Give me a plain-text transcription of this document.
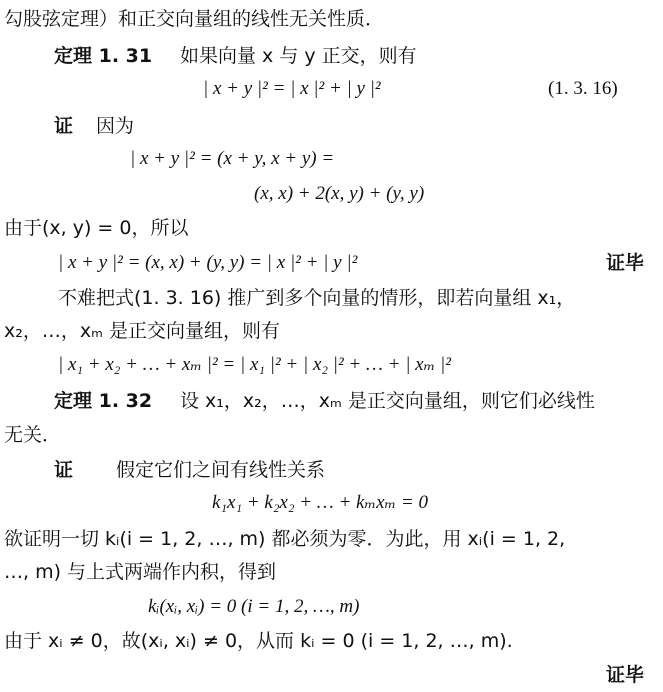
勾股弦定理）和正交向量组的线性无关性质．
定理 1. 31 如果向量 x 与 y 正交，则有
| x + y |² = | x |² + | y |²	(1. 3. 16)
证 因为
| x + y |² = (x + y, x + y) =
(x, x) + 2(x, y) + (y, y)
由于(x, y) = 0，所以
| x + y |² = (x, x) + (y, y) = | x |² + | y |²	证毕
不难把式(1. 3. 16) 推广到多个向量的情形，即若向量组 x₁，
x₂，…，xₘ 是正交向量组，则有
| x₁ + x₂ + … + xₘ |² = | x₁ |² + | x₂ |² + … + | xₘ |²
定理 1. 32 设 x₁，x₂，…，xₘ 是正交向量组，则它们必线性
无关．
证 假定它们之间有线性关系
k₁x₁ + k₂x₂ + … + kₘxₘ = 0
欲证明一切 kᵢ(i = 1, 2, …, m) 都必须为零．为此，用 xᵢ(i = 1, 2,
…, m) 与上式两端作内积，得到
kᵢ(xᵢ, xᵢ) = 0 (i = 1, 2, …, m)
由于 xᵢ ≠ 0，故(xᵢ, xᵢ) ≠ 0，从而 kᵢ = 0 (i = 1, 2, …, m).
证毕
